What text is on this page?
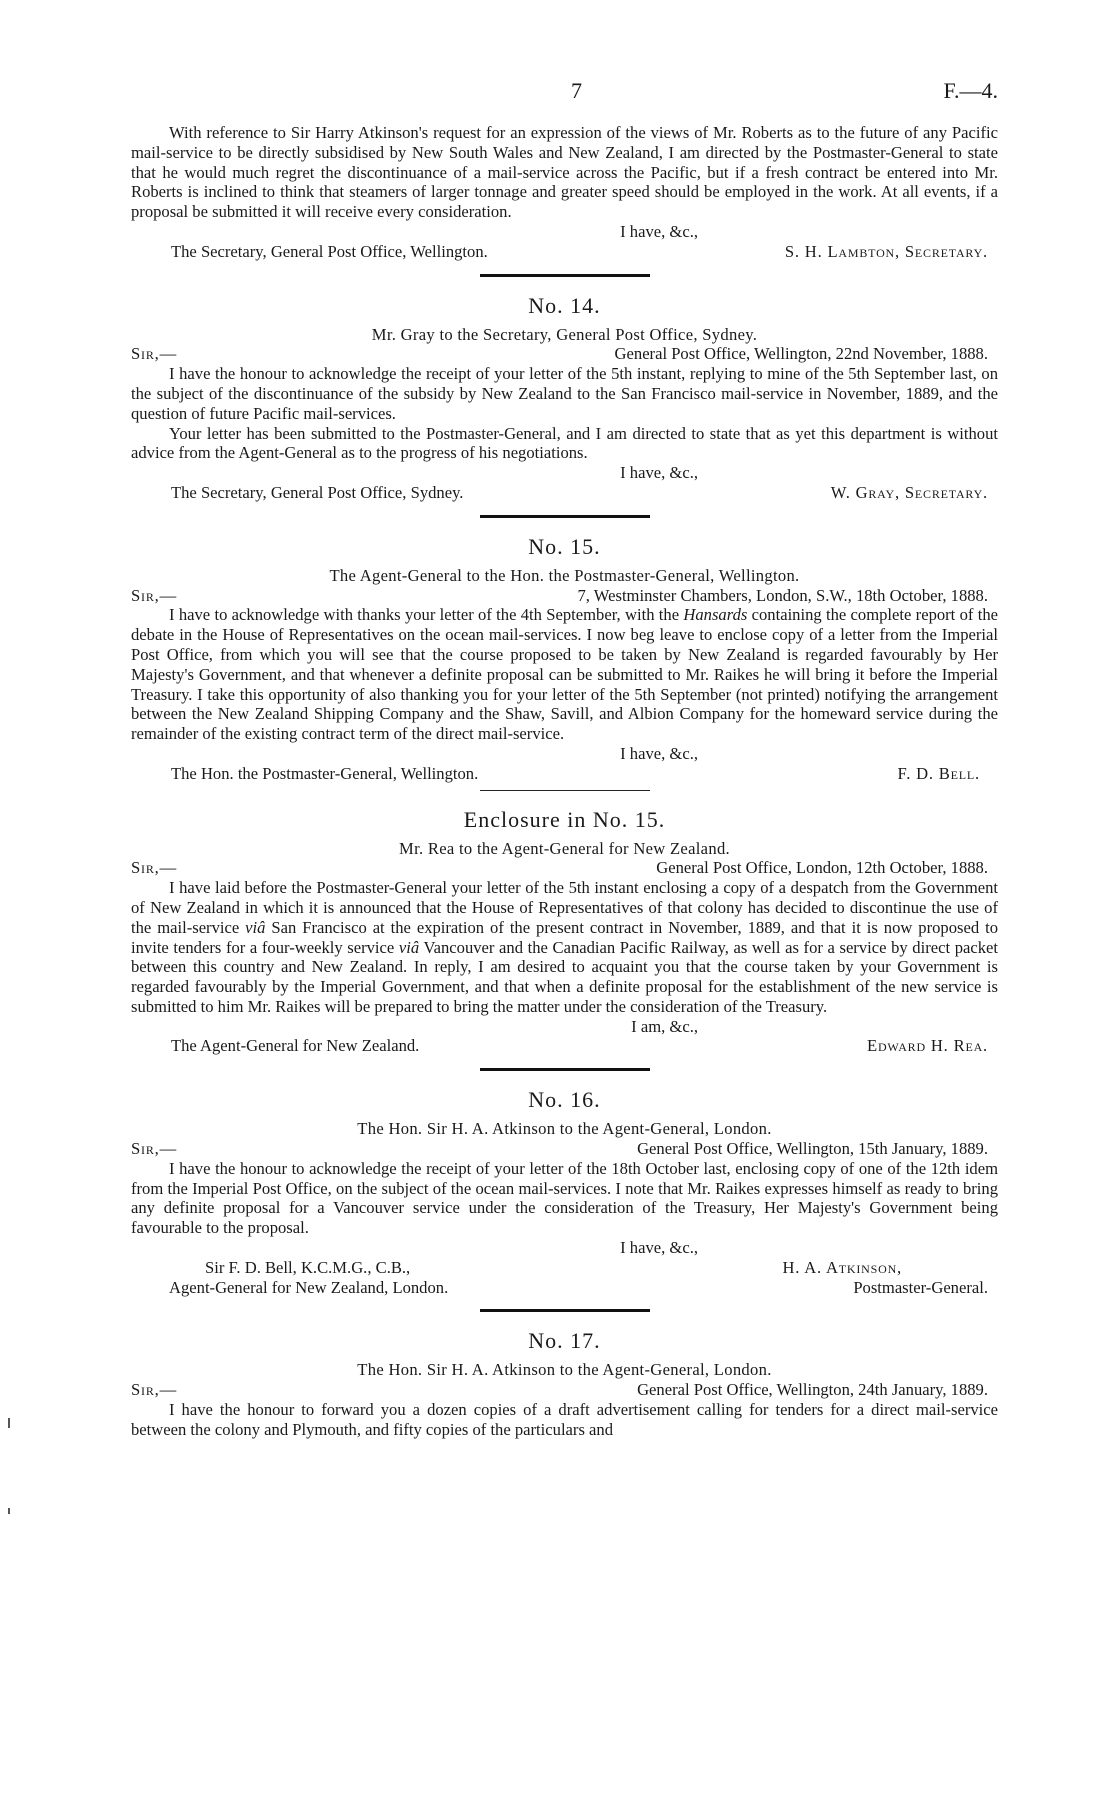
7	F.—4.

With reference to Sir Harry Atkinson's request for an expression of the views of Mr. Roberts as to the future of any Pacific mail-service to be directly subsidised by New South Wales and New Zealand, I am directed by the Postmaster-General to state that he would much regret the discontinuance of a mail-service across the Pacific, but if a fresh contract be entered into Mr. Roberts is inclined to think that steamers of larger tonnage and greater speed should be employed in the work. At all events, if a proposal be submitted it will receive every consideration.

I have, &c.,
The Secretary, General Post Office, Wellington.	S. H. Lambton, Secretary.
No. 14.
Mr. Gray to the Secretary, General Post Office, Sydney.
Sir,—	General Post Office, Wellington, 22nd November, 1888.

I have the honour to acknowledge the receipt of your letter of the 5th instant, replying to mine of the 5th September last, on the subject of the discontinuance of the subsidy by New Zealand to the San Francisco mail-service in November, 1889, and the question of future Pacific mail-services.

Your letter has been submitted to the Postmaster-General, and I am directed to state that as yet this department is without advice from the Agent-General as to the progress of his negotiations.

I have, &c.,
The Secretary, General Post Office, Sydney.	W. Gray, Secretary.
No. 15.
The Agent-General to the Hon. the Postmaster-General, Wellington.
Sir,—	7, Westminster Chambers, London, S.W., 18th October, 1888.

I have to acknowledge with thanks your letter of the 4th September, with the Hansards containing the complete report of the debate in the House of Representatives on the ocean mail-services. I now beg leave to enclose copy of a letter from the Imperial Post Office, from which you will see that the course proposed to be taken by New Zealand is regarded favourably by Her Majesty's Government, and that whenever a definite proposal can be submitted to Mr. Raikes he will bring it before the Imperial Treasury. I take this opportunity of also thanking you for your letter of the 5th September (not printed) notifying the arrangement between the New Zealand Shipping Company and the Shaw, Savill, and Albion Company for the homeward service during the remainder of the existing contract term of the direct mail-service.

I have, &c.,
The Hon. the Postmaster-General, Wellington.	F. D. Bell.
Enclosure in No. 15.
Mr. Rea to the Agent-General for New Zealand.
Sir,—	General Post Office, London, 12th October, 1888.

I have laid before the Postmaster-General your letter of the 5th instant enclosing a copy of a despatch from the Government of New Zealand in which it is announced that the House of Representatives of that colony has decided to discontinue the use of the mail-service viâ San Francisco at the expiration of the present contract in November, 1889, and that it is now proposed to invite tenders for a four-weekly service viâ Vancouver and the Canadian Pacific Railway, as well as for a service by direct packet between this country and New Zealand. In reply, I am desired to acquaint you that the course taken by your Government is regarded favourably by the Imperial Government, and that when a definite proposal for the establishment of the new service is submitted to him Mr. Raikes will be prepared to bring the matter under the consideration of the Treasury.

I am, &c.,
The Agent-General for New Zealand.	Edward H. Rea.
No. 16.
The Hon. Sir H. A. Atkinson to the Agent-General, London.
Sir,—	General Post Office, Wellington, 15th January, 1889.

I have the honour to acknowledge the receipt of your letter of the 18th October last, enclosing copy of one of the 12th idem from the Imperial Post Office, on the subject of the ocean mail-services. I note that Mr. Raikes expresses himself as ready to bring any definite proposal for a Vancouver service under the consideration of the Treasury, Her Majesty's Government being favourable to the proposal.

I have, &c.,
Sir F. D. Bell, K.C.M.G., C.B.,	H. A. Atkinson,
Agent-General for New Zealand, London.	Postmaster-General.
No. 17.
The Hon. Sir H. A. Atkinson to the Agent-General, London.
Sir,—	General Post Office, Wellington, 24th January, 1889.

I have the honour to forward you a dozen copies of a draft advertisement calling for tenders for a direct mail-service between the colony and Plymouth, and fifty copies of the particulars and
